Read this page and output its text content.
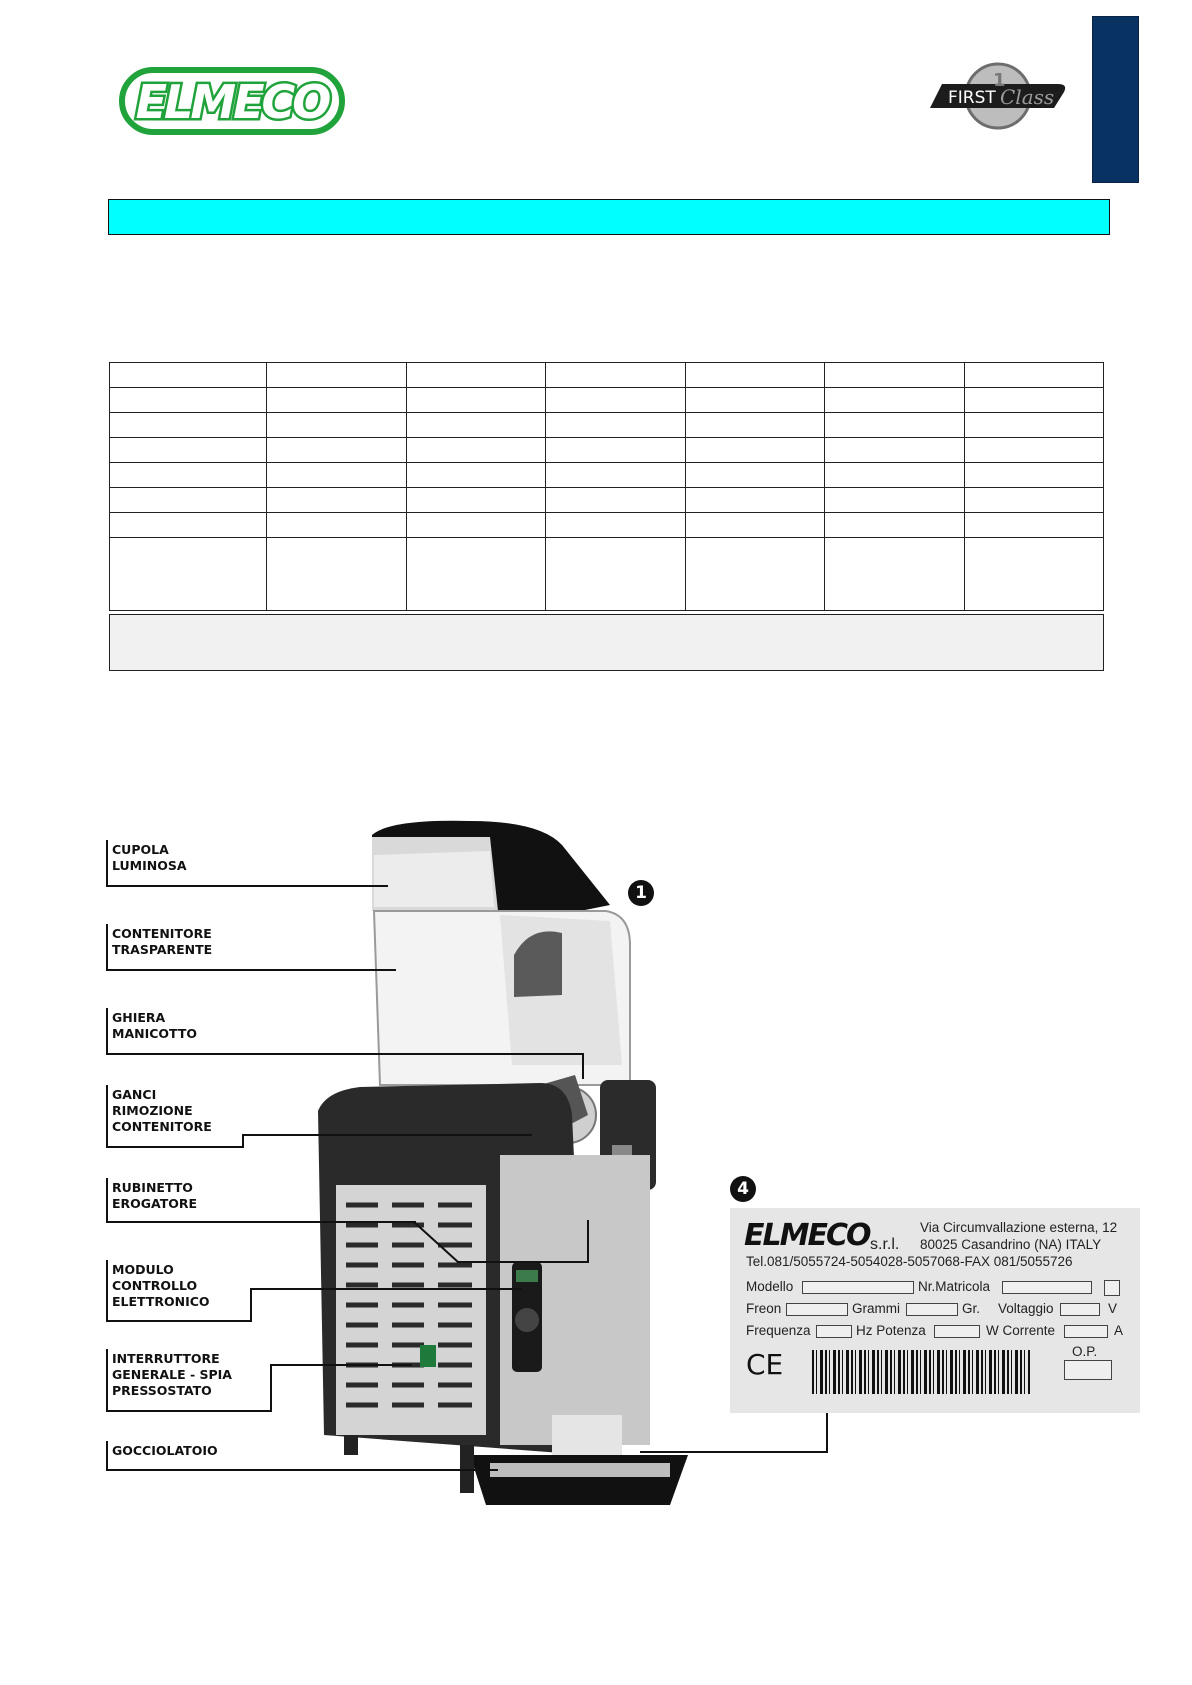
ELMECO	FIRST Class
1

1
CUPOLA
LUMINOSA
CONTENITORE
TRASPARENTE
GHIERA
MANICOTTO
GANCI
RIMOZIONE
CONTENITORE
RUBINETTO
EROGATORE
MODULO
CONTROLLO
ELETTRONICO
INTERRUTTORE
GENERALE - SPIA
PRESSOSTATO
GOCCIOLATOIO
4
ELMECO s.r.l.
Via Circumvallazione esterna, 12
80025 Casandrino (NA) ITALY
Tel.081/5055724-5054028-5057068-FAX 081/5055726
Modello	Nr.Matricola
Freon	Grammi	Gr. Voltaggio	V
Frequenza	Hz Potenza	W Corrente	A
CE	O.P.
